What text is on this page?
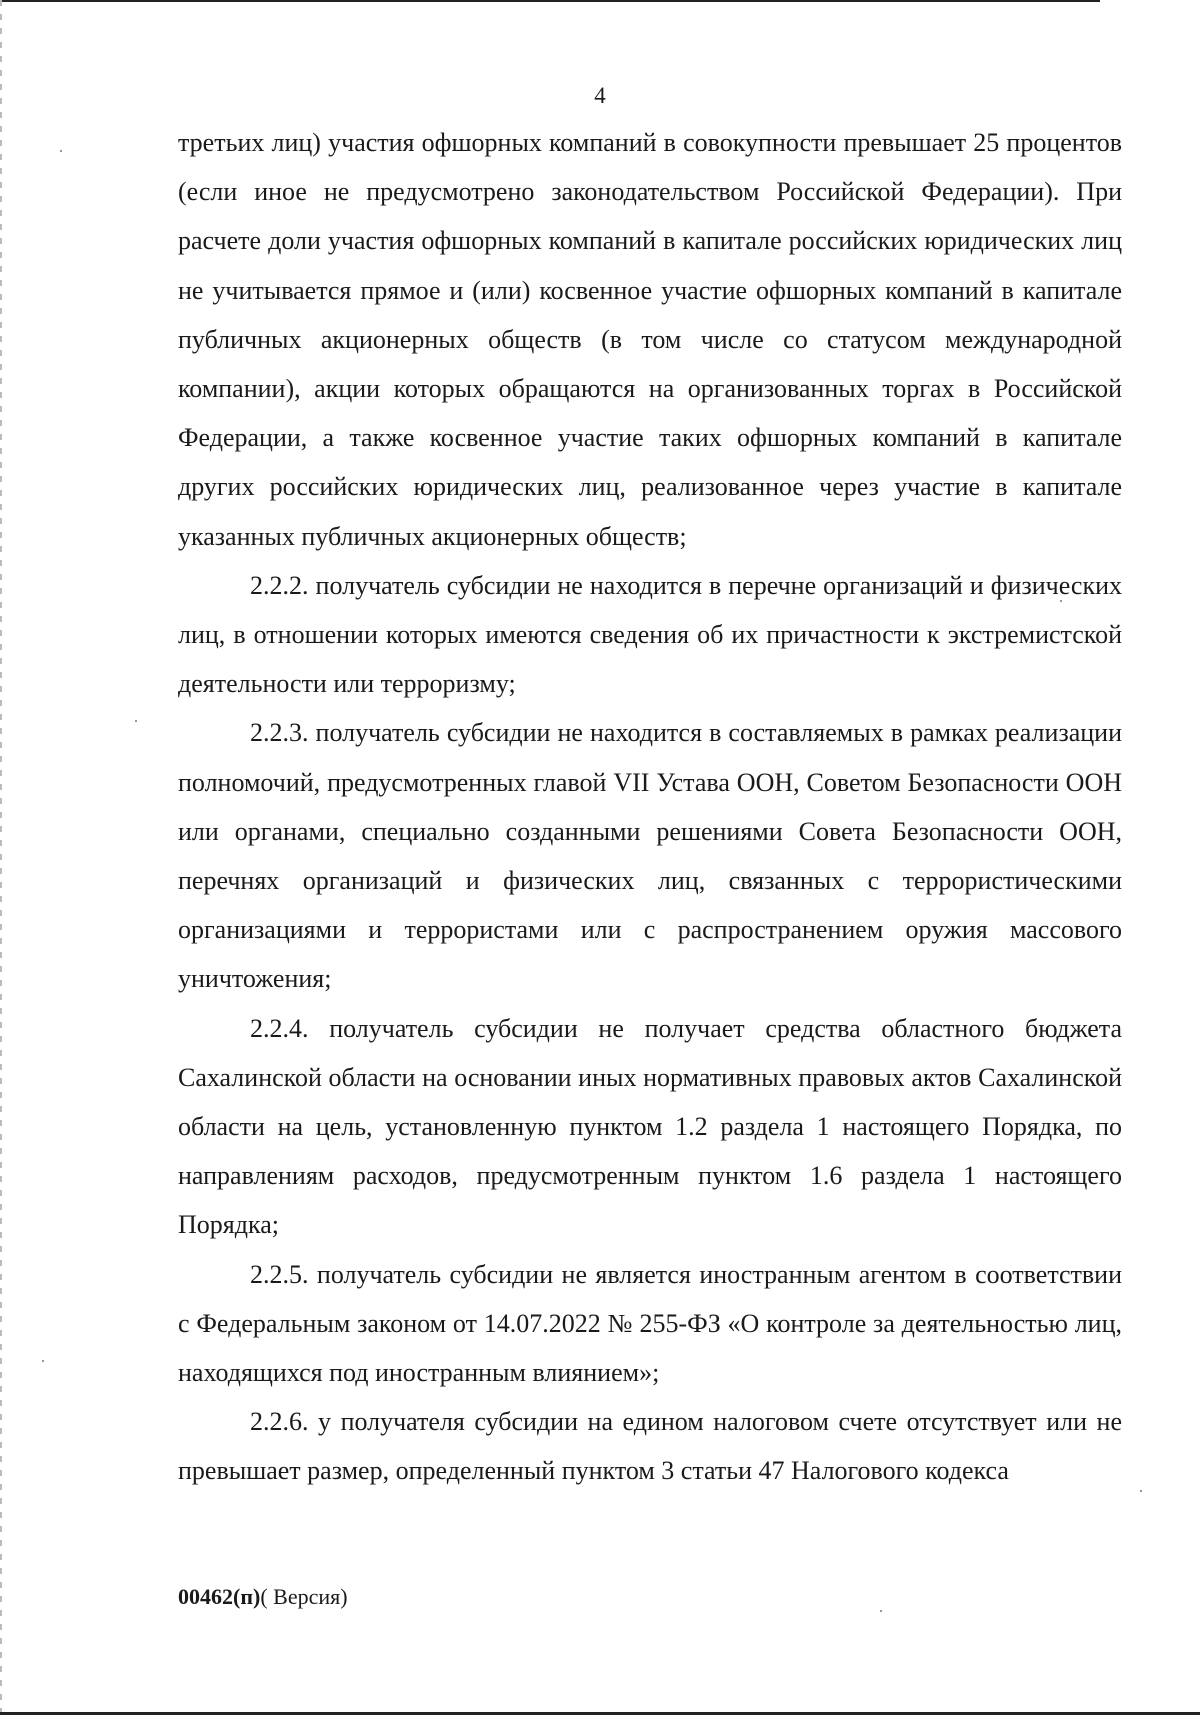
4

третьих лиц) участия офшорных компаний в совокупности превышает 25 процентов (если иное не предусмотрено законодательством Российской Федерации). При расчете доли участия офшорных компаний в капитале российских юридических лиц не учитывается прямое и (или) косвенное участие офшорных компаний в капитале публичных акционерных обществ (в том числе со статусом международной компании), акции которых обращаются на организованных торгах в Российской Федерации, а также косвенное участие таких офшорных компаний в капитале других российских юридических лиц, реализованное через участие в капитале указанных публичных акционерных обществ;

2.2.2. получатель субсидии не находится в перечне организаций и физических лиц, в отношении которых имеются сведения об их причастности к экстремистской деятельности или терроризму;

2.2.3. получатель субсидии не находится в составляемых в рамках реализации полномочий, предусмотренных главой VII Устава ООН, Советом Безопасности ООН или органами, специально созданными решениями Совета Безопасности ООН, перечнях организаций и физических лиц, связанных с террористическими организациями и террористами или с распространением оружия массового уничтожения;

2.2.4. получатель субсидии не получает средства областного бюджета Сахалинской области на основании иных нормативных правовых актов Сахалинской области на цель, установленную пунктом 1.2 раздела 1 настоящего Порядка, по направлениям расходов, предусмотренным пунктом 1.6 раздела 1 настоящего Порядка;

2.2.5. получатель субсидии не является иностранным агентом в соответствии с Федеральным законом от 14.07.2022 № 255-ФЗ «О контроле за деятельностью лиц, находящихся под иностранным влиянием»;

2.2.6. у получателя субсидии на едином налоговом счете отсутствует или не превышает размер, определенный пунктом 3 статьи 47 Налогового кодекса

00462(п)( Версия)
